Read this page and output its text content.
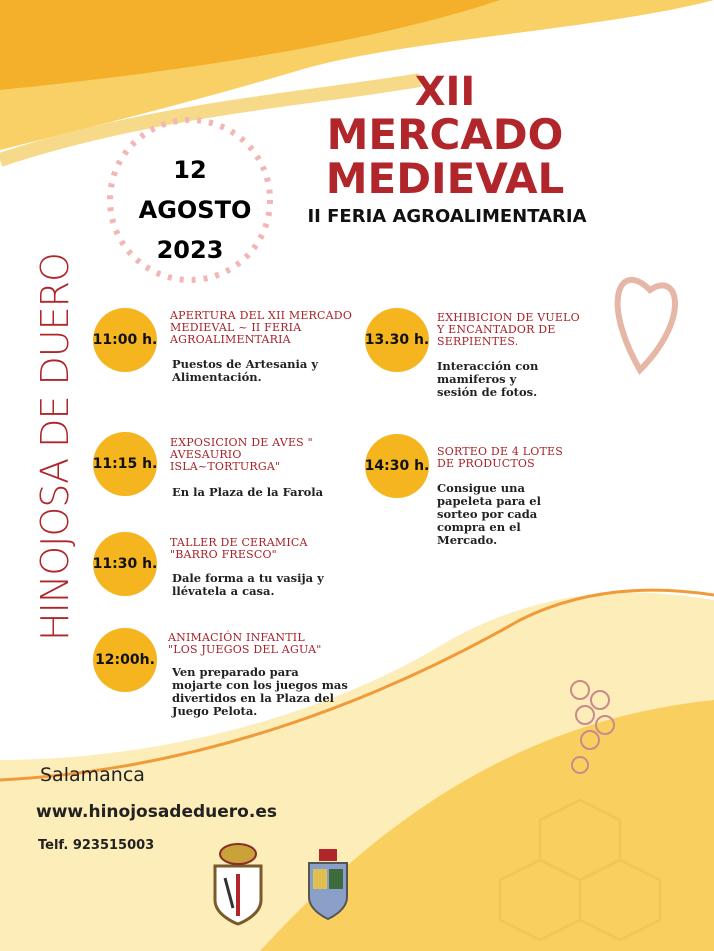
XII
MERCADO
MEDIEVAL
II FERIA AGROALIMENTARIA
12
AGOSTO
2023
HINOJOSA DE DUERO 11:00 h.
APERTURA DEL XII MERCADO MEDIEVAL ~ II FERIA AGROALIMENTARIA
Puestos de Artesania y Alimentación.
11:15 h.
EXPOSICION DE AVES " AVESAURIO ISLA~TORTURGA"
En la Plaza de la Farola
11:30 h.
TALLER DE CERAMICA "BARRO FRESCO"
Dale forma a tu vasija y llévatela a casa.
12:00h.
ANIMACIÓN INFANTIL "LOS JUEGOS DEL AGUA"
Ven preparado para mojarte con los juegos mas divertidos en la Plaza del Juego Pelota.
13.30 h.
EXHIBICION DE VUELO Y ENCANTADOR DE SERPIENTES.
Interacción con mamiferos y sesión de fotos.
14:30 h.
SORTEO DE 4 LOTES DE PRODUCTOS
Consigue una papeleta para el sorteo por cada compra en el Mercado.
Salamanca
www.hinojosadeduero.es
Telf. 923515003
